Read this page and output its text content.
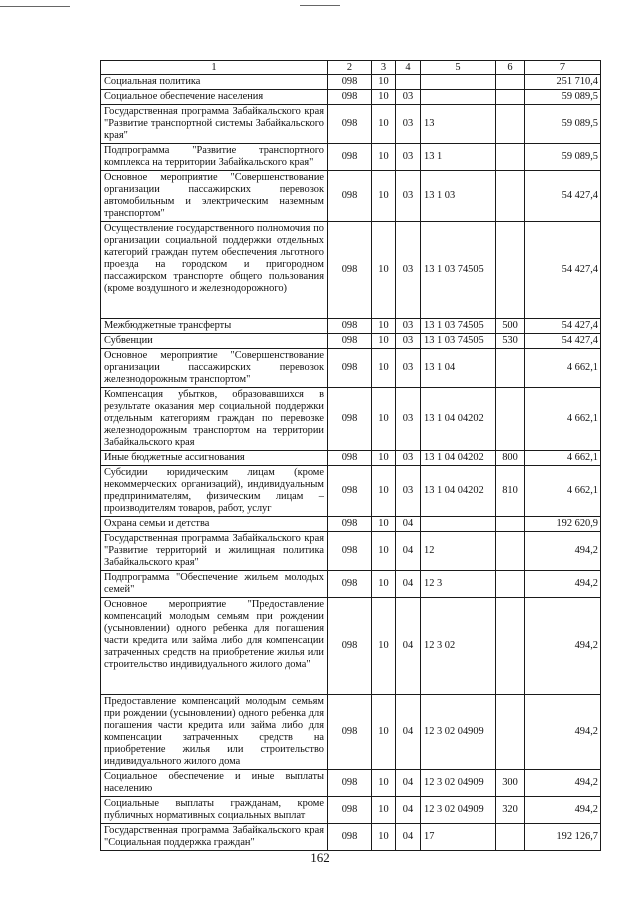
1	2	3	4	5	6	7
Социальная политика	098	10				251 710,4
Социальное обеспечение населения	098	10	03			59 089,5
Государственная программа Забайкальского края "Развитие транспортной системы Забайкальского края"	098	10	03	13		59 089,5
Подпрограмма "Развитие транспортного комплекса на территории Забайкальского края"	098	10	03	13 1		59 089,5
Основное мероприятие "Совершенствование организации пассажирских перевозок автомобильным и электрическим наземным транспортом"	098	10	03	13 1 03		54 427,4
Осуществление государственного полномочия по организации социальной поддержки отдельных категорий граждан путем обеспечения льготного проезда на городском и пригородном пассажирском транспорте общего пользования (кроме воздушного и железнодорожного)	098	10	03	13 1 03 74505		54 427,4
Межбюджетные трансферты	098	10	03	13 1 03 74505	500	54 427,4
Субвенции	098	10	03	13 1 03 74505	530	54 427,4
Основное мероприятие "Совершенствование организации пассажирских перевозок железнодорожным транспортом"	098	10	03	13 1 04		4 662,1
Компенсация убытков, образовавшихся в результате оказания мер социальной поддержки отдельным категориям граждан по перевозке железнодорожным транспортом на территории Забайкальского края	098	10	03	13 1 04 04202		4 662,1
Иные бюджетные ассигнования	098	10	03	13 1 04 04202	800	4 662,1
Субсидии юридическим лицам (кроме некоммерческих организаций), индивидуальным предпринимателям, физическим лицам – производителям товаров, работ, услуг	098	10	03	13 1 04 04202	810	4 662,1
Охрана семьи и детства	098	10	04			192 620,9
Государственная программа Забайкальского края "Развитие территорий и жилищная политика Забайкальского края"	098	10	04	12		494,2
Подпрограмма "Обеспечение жильем молодых семей"	098	10	04	12 3		494,2
Основное мероприятие "Предоставление компенсаций молодым семьям при рождении (усыновлении) одного ребенка для погашения части кредита или займа либо для компенсации затраченных средств на приобретение жилья или строительство индивидуального жилого дома"	098	10	04	12 3 02		494,2
Предоставление компенсаций молодым семьям при рождении (усыновлении) одного ребенка для погашения части кредита или займа либо для компенсации затраченных средств на приобретение жилья или строительство индивидуального жилого дома	098	10	04	12 3 02 04909		494,2
Социальное обеспечение и иные выплаты населению	098	10	04	12 3 02 04909	300	494,2
Социальные выплаты гражданам, кроме публичных нормативных социальных выплат	098	10	04	12 3 02 04909	320	494,2
Государственная программа Забайкальского края "Социальная поддержка граждан"	098	10	04	17		192 126,7
162
